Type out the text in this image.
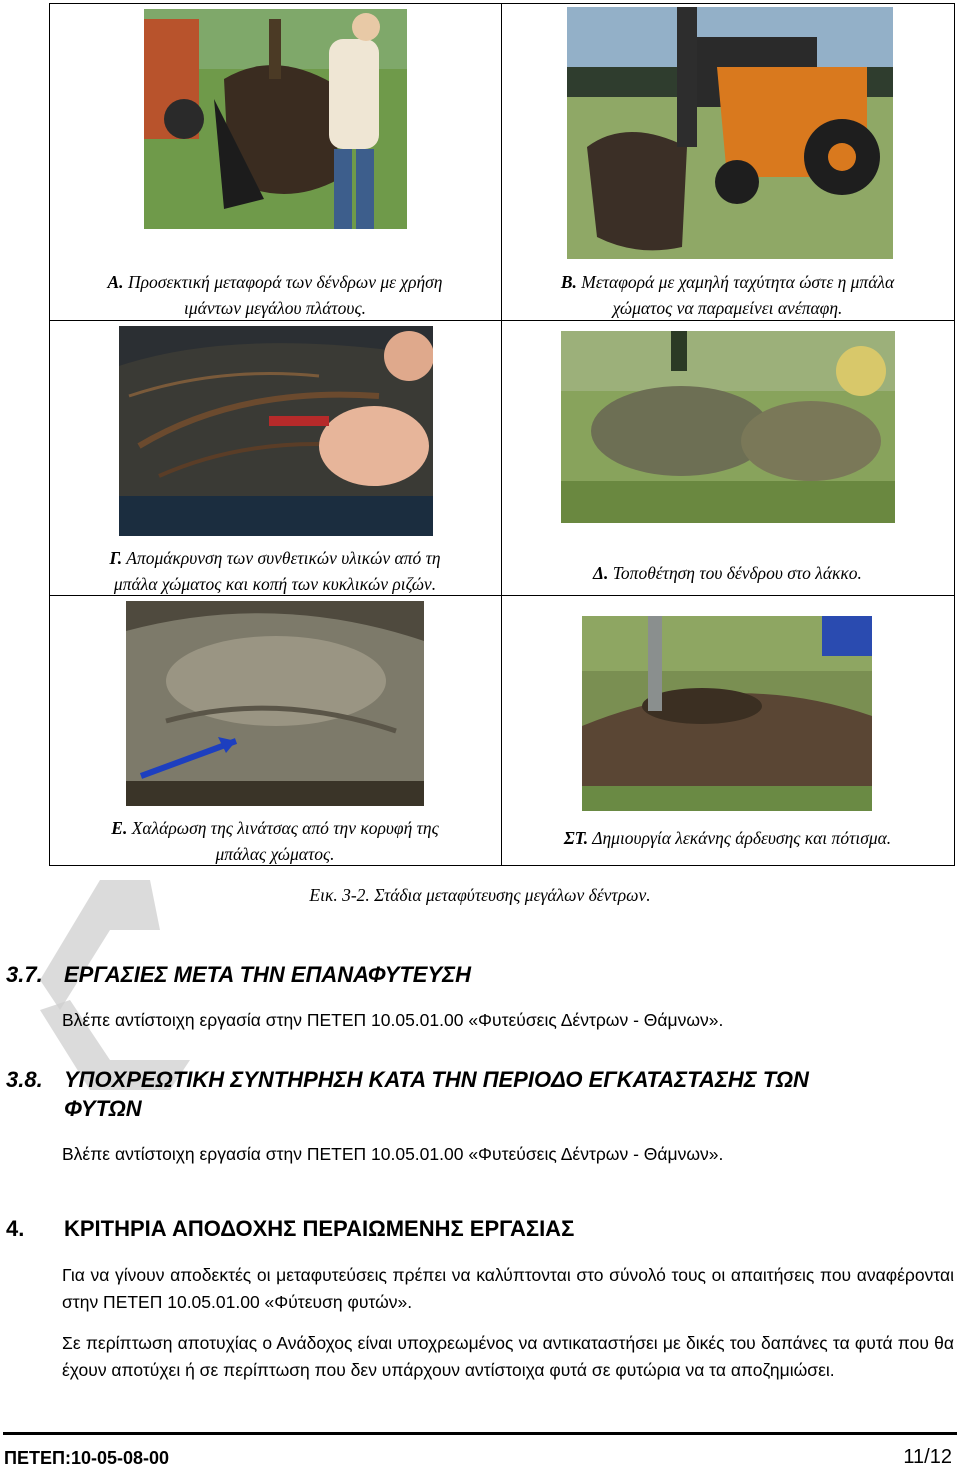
Α. Προσεκτική μεταφορά των δένδρων με χρήση
ιμάντων μεγάλου πλάτους.
Β. Μεταφορά με χαμηλή ταχύτητα ώστε η μπάλα
χώματος να παραμείνει ανέπαφη.
Γ. Απομάκρυνση των συνθετικών υλικών από τη
μπάλα χώματος και κοπή των κυκλικών ριζών.
Δ. Τοποθέτηση του δένδρου στο λάκκο.
Ε. Χαλάρωση της λινάτσας από την κορυφή της
μπάλας χώματος.
ΣΤ. Δημιουργία λεκάνης άρδευσης και πότισμα.
Εικ. 3-2. Στάδια μεταφύτευσης μεγάλων δέντρων.
3.7. ΕΡΓΑΣΙΕΣ ΜΕΤΑ ΤΗΝ ΕΠΑΝΑΦΥΤΕΥΣΗ
Βλέπε αντίστοιχη εργασία στην ΠΕΤΕΠ 10.05.01.00 «Φυτεύσεις Δέντρων - Θάμνων».
3.8. ΥΠΟΧΡΕΩΤΙΚΗ ΣΥΝΤΗΡΗΣΗ ΚΑΤΑ ΤΗΝ ΠΕΡΙΟΔΟ ΕΓΚΑΤΑΣΤΑΣΗΣ ΤΩΝ
ΦΥΤΩΝ
Βλέπε αντίστοιχη εργασία στην ΠΕΤΕΠ 10.05.01.00 «Φυτεύσεις Δέντρων - Θάμνων».
4.	ΚΡΙΤΗΡΙΑ ΑΠΟΔΟΧΗΣ ΠΕΡΑΙΩΜΕΝΗΣ ΕΡΓΑΣΙΑΣ
Για να γίνουν αποδεκτές οι μεταφυτεύσεις πρέπει να καλύπτονται στο σύνολό τους οι απαιτήσεις που αναφέρονται στην ΠΕΤΕΠ 10.05.01.00 «Φύτευση φυτών».
Σε περίπτωση αποτυχίας ο Ανάδοχος είναι υποχρεωμένος να αντικαταστήσει με δικές του δαπάνες τα φυτά που θα έχουν αποτύχει ή σε περίπτωση που δεν υπάρχουν αντίστοιχα φυτά σε φυτώρια να τα αποζημιώσει.
ΠΕΤΕΠ:10-05-08-00	11/12
